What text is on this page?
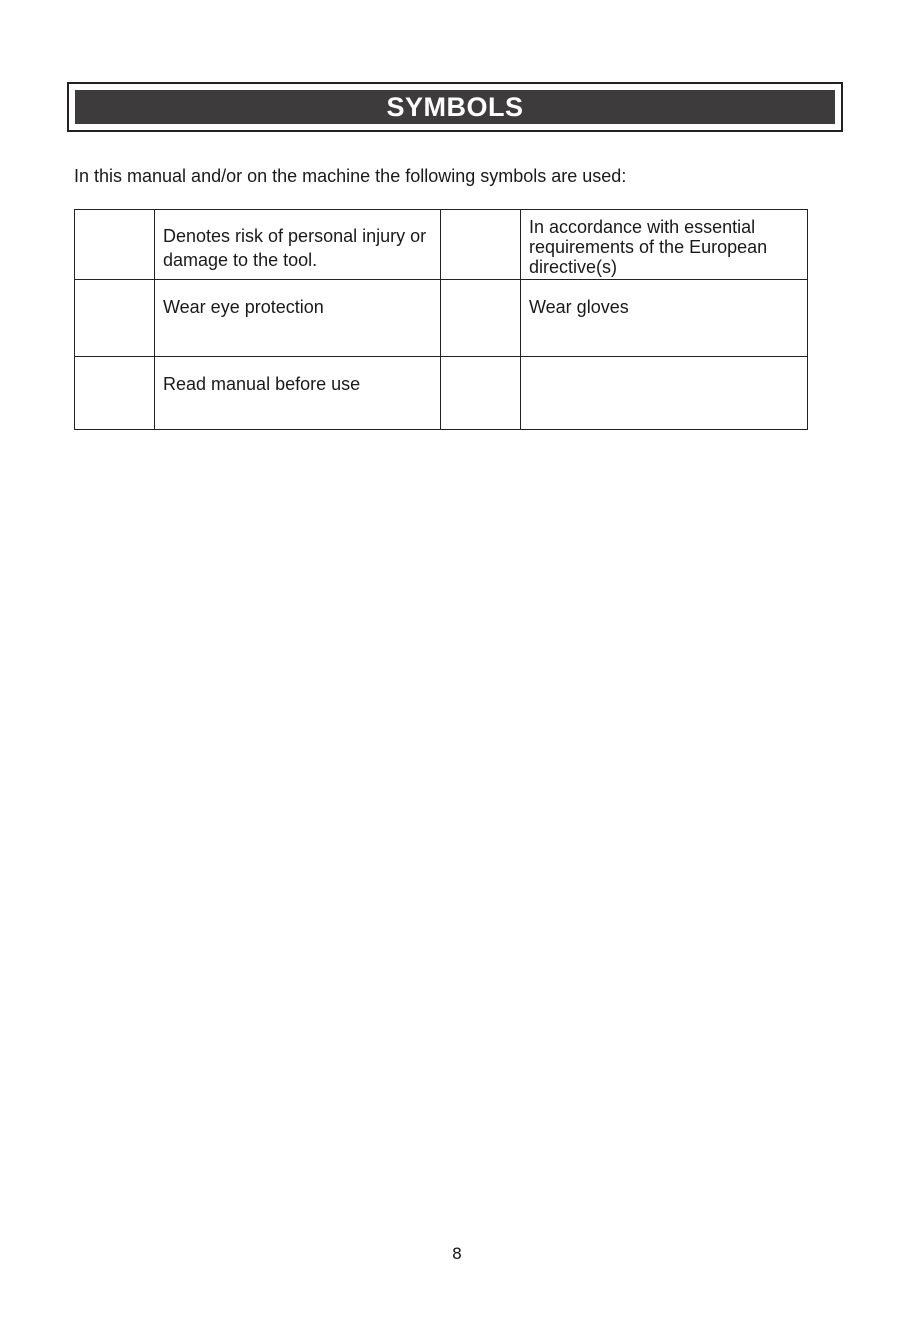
SYMBOLS
In this manual and/or on the machine the following symbols are used:

	Denotes risk of personal injury or damage to the tool.		In accordance with essential requirements of the European directive(s)

	Wear eye protection		Wear gloves

	Read manual before use		

8
